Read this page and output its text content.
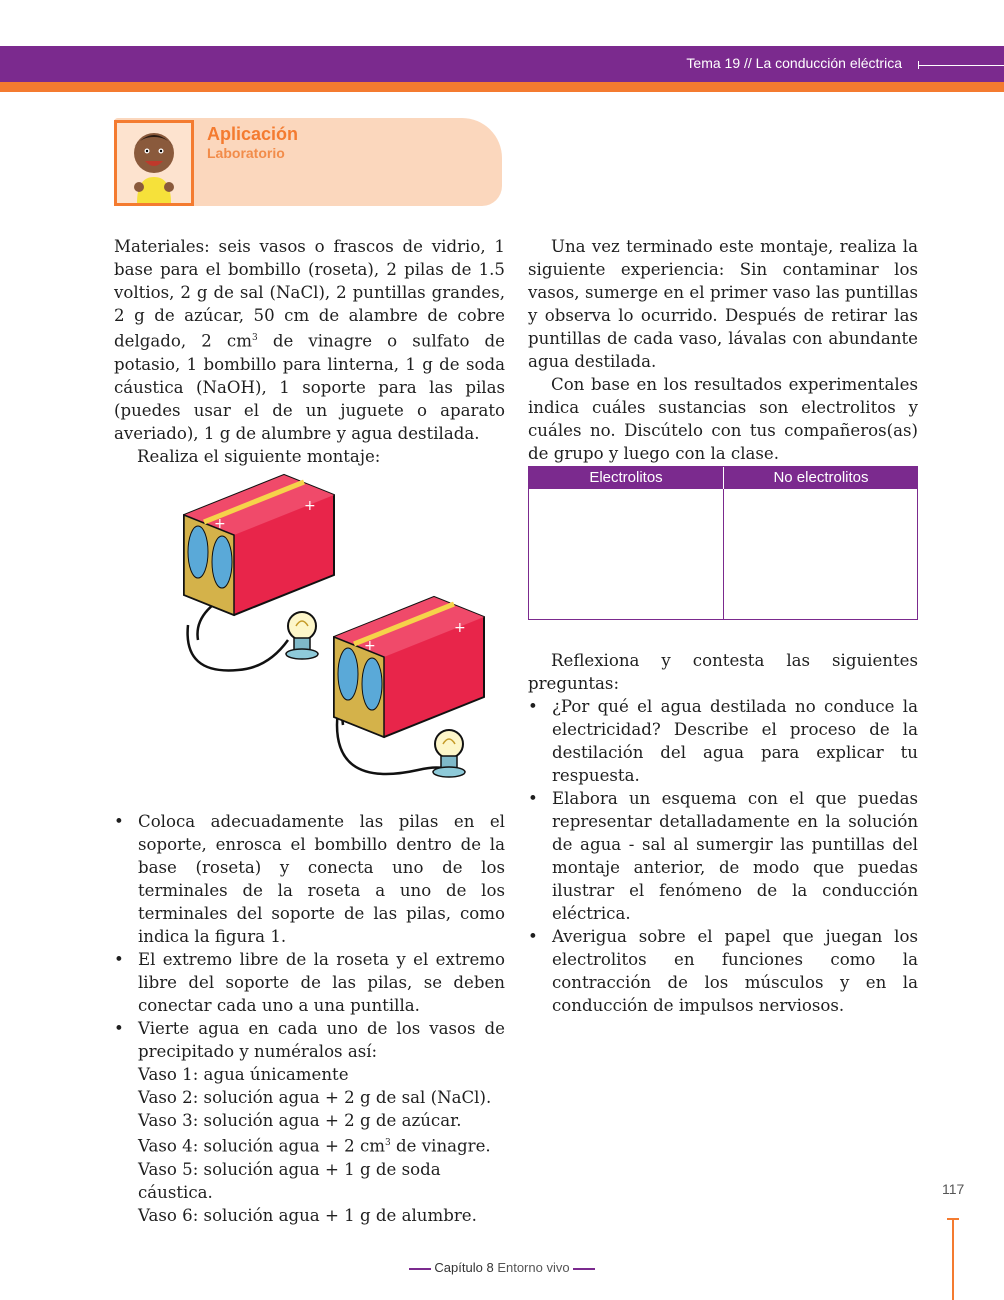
Tema 19 // La conducción eléctrica
Aplicación
Laboratorio

Materiales: seis vasos o frascos de vidrio, 1 base para el bombillo (roseta), 2 pilas de 1.5 voltios, 2 g de sal (NaCl), 2 puntillas grandes, 2 g de azúcar, 50 cm de alambre de cobre delgado, 2 $cm^3$ de vinagre o sulfato de potasio, 1 bombillo para linterna, 1 g de soda cáustica (NaOH), 1 soporte para las pilas (puedes usar el de un juguete o aparato averiado), 1 g de alumbre y agua destilada.

Realiza el siguiente montaje:

+
+
+
+
• Coloca adecuadamente las pilas en el soporte, enrosca el bombillo dentro de la base (roseta) y conecta uno de los terminales de la roseta a uno de los terminales del soporte de las pilas, como indica la figura 1.
• El extremo libre de la roseta y el extremo libre del soporte de las pilas, se deben conectar cada uno a una puntilla.
• Vierte agua en cada uno de los vasos de precipitado y numéralos así:
Vaso 1: agua únicamente
Vaso 2: solución agua + 2 g de sal (NaCl).
Vaso 3: solución agua + 2 g de azúcar.
Vaso 4: solución agua + 2 $cm^3$ de vinagre.
Vaso 5: solución agua + 1 g de soda cáustica.
Vaso 6: solución agua + 1 g de alumbre.

Una vez terminado este montaje, realiza la siguiente experiencia: Sin contaminar los vasos, sumerge en el primer vaso las puntillas y observa lo ocurrido. Después de retirar las puntillas de cada vaso, lávalas con abundante agua destilada.

Con base en los resultados experimentales indica cuáles sustancias son electrolitos y cuáles no. Discútelo con tus compañeros(as) de grupo y luego con la clase.

Electrolitos	No electrolitos

Reflexiona y contesta las siguientes preguntas:

• ¿Por qué el agua destilada no conduce la electricidad? Describe el proceso de la destilación del agua para explicar tu respuesta.
• Elabora un esquema con el que puedas representar detalladamente en la solución de agua - sal al sumergir las puntillas del montaje anterior, de modo que puedas ilustrar el fenómeno de la conducción eléctrica.
• Averigua sobre el papel que juegan los electrolitos en funciones como la contracción de los músculos y en la conducción de impulsos nerviosos.
117
Capítulo 8 Entorno vivo
